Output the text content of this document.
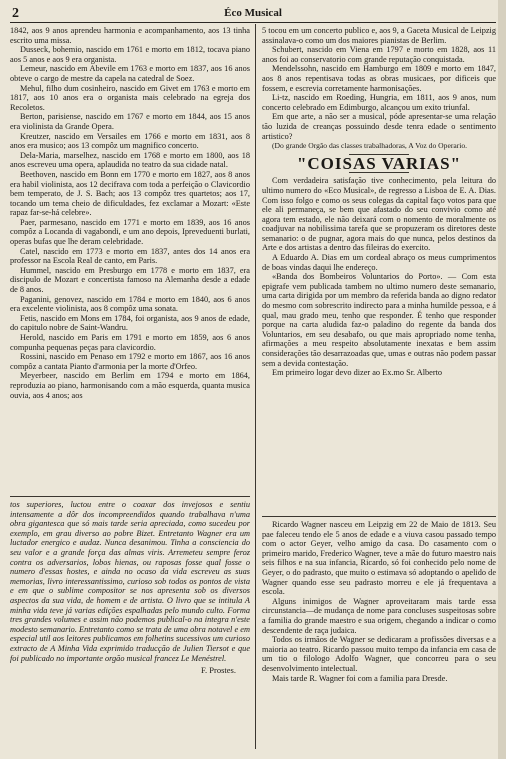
2	Éco Musical

1842, aos 9 anos aprendeu harmonia e acompanhamento, aos 13 tinha escrito uma missa.

Dusseck, bohemio, nascido em 1761 e morto em 1812, tocava piano aos 5 anos e aos 9 era organista.

Lemeur, nascido em Abevile em 1763 e morto em 1837, aos 16 anos obteve o cargo de mestre da capela na catedral de Soez.

Mehul, filho dum cosinheiro, nascido em Givet em 1763 e morto em 1817, aos 10 anos era o organista mais celebrado na egreja dos Recoletos.

Berton, parisiense, nascido em 1767 e morto em 1844, aos 15 anos era violinista da Grande Opera.

Kreutzer, nascido em Versailes em 1766 e morto em 1831, aos 8 anos era musico; aos 13 compôz um magnifico concerto.

Dela-Maria, marselhez, nascido em 1768 e morto em 1800, aos 18 anos escreveu uma opera, aplaudida no teatro da sua cidade natal.

Beethoven, nascido em Bonn em 1770 e morto em 1827, aos 8 anos era habil violinista, aos 12 decifrava com toda a perfeição o Clavicordio bem temperato, de J. S. Bach; aos 13 compôz tres quartetos; aos 17, tocando um tema cheio de dificuldades, fez exclamar a Mozart: «Este rapaz far-se-há celebre».

Paer, parmesano, nascido em 1771 e morto em 1839, aos 16 anos compôz a Locanda di vagabondi, e um ano depois, Ipreveduenti burlati, operas bufas que lhe deram celebridade.

Catel, nascido em 1773 e morto em 1837, antes dos 14 anos era professor na Escola Real de canto, em Paris.

Hummel, nascido em Presburgo em 1778 e morto em 1837, era discipulo de Mozart e concertista famoso na Alemanha desde a edade de 8 anos.

Paganini, genovez, nascido em 1784 e morto em 1840, aos 6 anos era excelente violinista, aos 8 compôz uma sonata.

Fetis, nascido em Mons em 1784, foi organista, aos 9 anos de edade, do capitulo nobre de Saint-Wandru.

Herold, nascido em Paris em 1791 e morto em 1859, aos 6 anos compunha pequenas peças para clavicordio.

Rossini, nascido em Penaso em 1792 e morto em 1867, aos 16 anos compôz a cantata Pianto d'armonia per la morte d'Orfeo.

Meyerbeer, nascido em Berlim em 1794 e morto em 1864, reproduzia ao piano, harmonisando com a mão esquerda, quanta musica ouvia, aos 4 anos; aos

tos superiores, luctou entre o coaxar dos invejosos e sentiu intensamente a dôr dos incompreendidos quando trabalhava n'uma obra gigantesca que só mais tarde seria apreciada, como sucedeu por exemplo, em grau diverso ao pobre Bizet. Entretanto Wagner era um luctador energico e audaz. Nunca desanimou. Tinha a consciencia do seu valor e a grande força das almas viris. Arremeteu sempre feroz contra os adversarios, lobos hienas, ou raposas fosse qual fosse o numero d'essas hostes, e ainda no ocaso da vida escreveu as suas memorias, livro interessantissimo, curioso sob todos os pontos de vista e em que o sublime compositor se nos apresenta sob os diversos aspectos da sua vida, de homem e de artista. O livro que se intitula A minha vida teve já varias edições espalhadas pelo mundo culto. Forma tres grandes volumes e assim não podemos publical-o na integra n'este modesto semanario. Entretanto como se trata de uma obra notavel e em especial util aos leitores publicamos em folhetins sucessivos um curioso extracto de A Minha Vida exprimido traducção de Julien Tiersot e que foi publicado no importante orgão musical francez Le Menéstrel.

F. Prostes.

5 tocou em um concerto publico e, aos 9, a Gaceta Musical de Leipzig assinalava-o como um dos maiores pianistas de Berlim.

Schubert, nascido em Viena em 1797 e morto em 1828, aos 11 anos foi ao conservatorio com grande reputação conquistada.

Mendelssohn, nascido em Hamburgo em 1809 e morto em 1847, aos 8 anos repentisava todas as obras musicaes, por dificeis que fossem, e escrevia corretamente harmonisações.

Li-tz, nascido em Roeding, Hungria, em 1811, aos 9 anos, num concerto celebrado em Edimburgo, alcançou um exito triunfal.

Em que arte, a não ser a musical, póde apresentar-se uma relação tão luzida de creanças possuindo desde tenra edade o sentimento artistico?

(Do grande Orgão das classes trabalhadoras, A Voz do Operario.

"COISAS VARIAS"

Com verdadeira satisfação tive conhecimento, pela leitura do ultimo numero do «Eco Musical», de regresso a Lisboa de E. A. Dias. Com isso folgo e como os seus colegas da capital faço votos para que ele ali permaneça, se bem que afastado do seu convivio como até agora tem estado, ele não deixará com o nomento de moralmente os coadjuvar na nobilissima tarefa que se propuzeram os diretores deste semanario: o de pugnar, agora mais do que nunca, pelos destinos da Arte e dos artistas a dentro das fileiras do exercito.

A Eduardo A. Dias em um cordeal abraço os meus cumprimentos de boas vindas daqui lhe endereço.

«Banda dos Bombeiros Voluntarios do Porto». — Com esta epigrafe vem publicada tambem no ultimo numero deste semanario, uma carta dirigida por um membro da referida banda ao digno redator do mesmo com sobrescrito indirecto para a minha humilde pessoa, e á qual, mau grado meu, tenho que responder. É tenho que responder porque na carta aludida faz-o paladino do regente da banda dos Voluntarios, em seu desabafo, ou que mais apropriado nome tenha, afirmações a meu respeito absolutamente inexatas e bem assim considerações tão desarrazoadas que, umas e outras não podem passar sem a devida contestação.

Em primeiro logar devo dizer ao Ex.mo Sr. Alberto

Ricardo Wagner nasceu em Leipzig em 22 de Maio de 1813. Seu pae faleceu tendo ele 5 anos de edade e a viuva casou passado tempo com o actor Geyer, velho amigo da casa. Do casamento com o primeiro marido, Frederico Wagner, teve a mãe do futuro maestro nais seis filhos e na sua infancia, Ricardo, só foi conhecido pelo nome de Geyer, o do padrasto, que muito o estimava só adoptando o apelido de Wagner quando esse seu padrasto morreu e ele já frequentava a escola.

Alguns inimigos de Wagner aproveitaram mais tarde essa circunstancia—de mudança de nome para concluses suspeitosas sobre a familia do grande maestro e sua origem, chegando a indicar o como descendente de raça judaica.

Todos os irmãos de Wagner se dedicaram a profissões diversas e a maioria ao teatro. Ricardo passou muito tempo da infancia em casa de um tio o filologo Adolfo Wagner, que concorreu para o seu desenvolvimento intelectual.

Mais tarde R. Wagner foi com a familia para Dresde.
